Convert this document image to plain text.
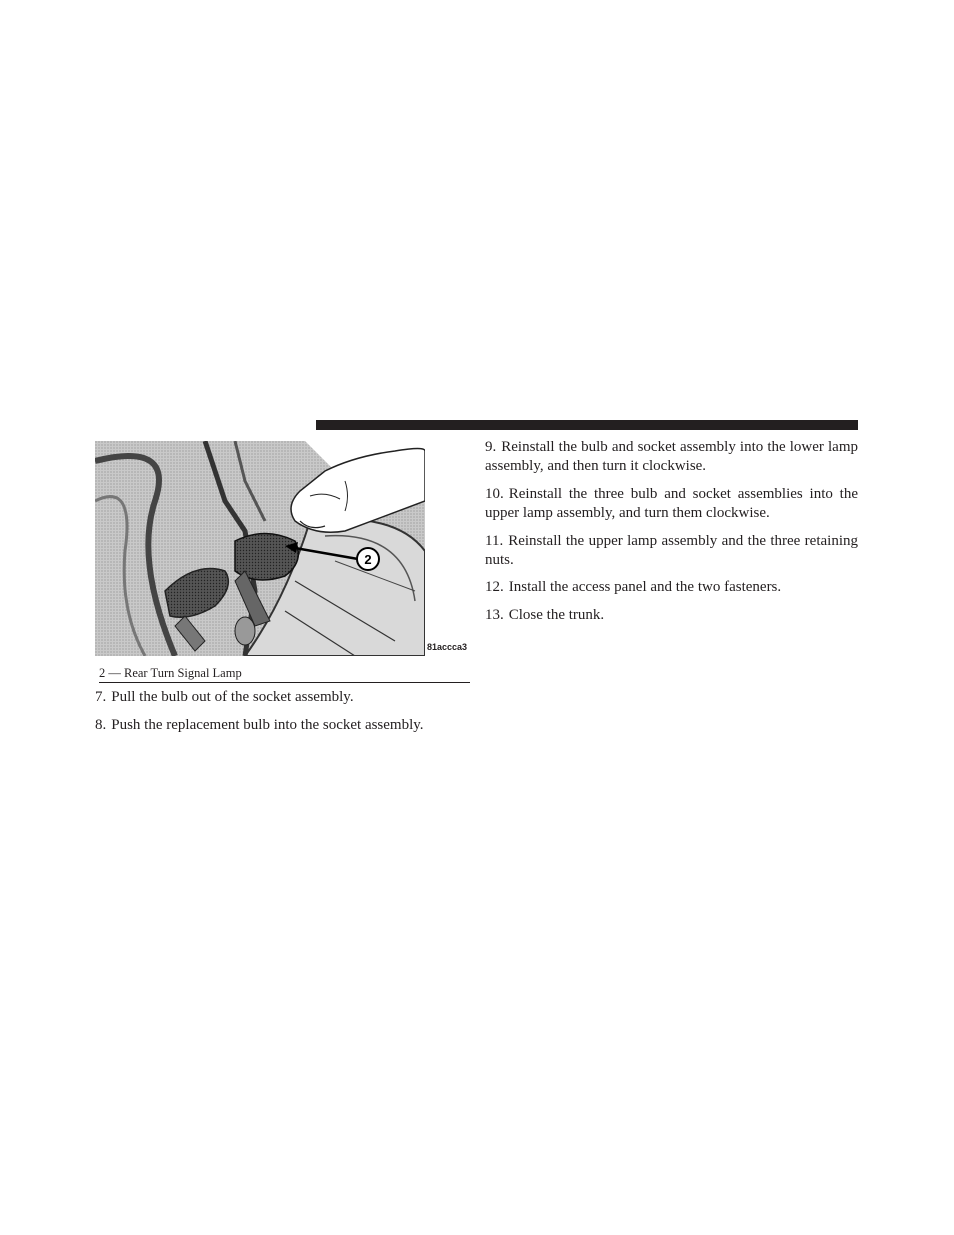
2
81accca3
2 — Rear Turn Signal Lamp
7. Pull the bulb out of the socket assembly.
8. Push the replacement bulb into the socket assembly.
9. Reinstall the bulb and socket assembly into the lower lamp assembly, and then turn it clockwise.
10. Reinstall the three bulb and socket assemblies into the upper lamp assembly, and turn them clockwise.
11. Reinstall the upper lamp assembly and the three retaining nuts.
12. Install the access panel and the two fasteners.
13. Close the trunk.
